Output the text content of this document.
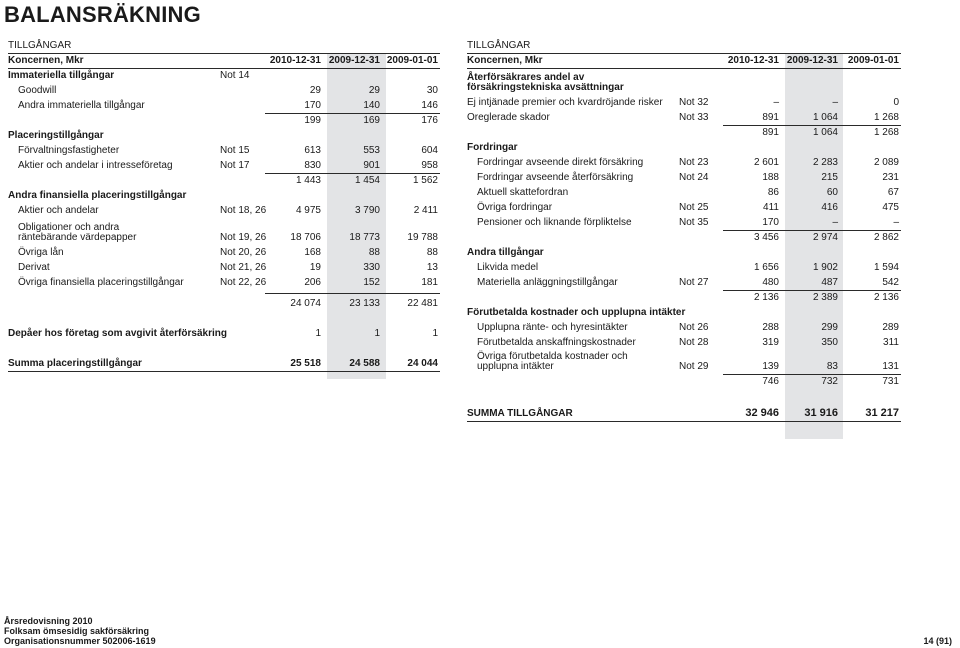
BALANSRÄKNING
TILLGÅNGAR
Koncernen, Mkr	2010-12-31 2009-12-31 2009-01-01
Immateriella tillgångar	Not 14
Goodwill	29	29	30
Andra immateriella tillgångar	170	140	146
199	169	176
Placeringstillgångar
Förvaltningsfastigheter	Not 15	613	553	604
Aktier och andelar i intresseföretag	Not 17	830	901	958
1 443	1 454	1 562
Andra finansiella placeringstillgångar
Aktier och andelar	Not 18, 26	4 975	3 790	2 411
Obligationer och andra räntebärande värdepapper	Not 19, 26	18 706	18 773	19 788
Övriga lån	Not 20, 26	168	88	88
Derivat	Not 21, 26	19	330	13
Övriga finansiella placeringstillgångar	Not 22, 26	206	152	181
24 074	23 133	22 481
Depåer hos företag som avgivit återförsäkring	1	1	1
Summa placeringstillgångar	25 518	24 588	24 044
TILLGÅNGAR
Koncernen, Mkr	2010-12-31 2009-12-31 2009-01-01
Återförsäkrares andel av försäkringstekniska avsättningar
Ej intjänade premier och kvardröjande risker Not 32	–	–	0
Oreglerade skador	Not 33	891	1 064	1 268
891	1 064	1 268
Fordringar
Fordringar avseende direkt försäkring	Not 23	2 601	2 283	2 089
Fordringar avseende återförsäkring	Not 24	188	215	231
Aktuell skattefordran	86	60	67
Övriga fordringar	Not 25	411	416	475
Pensioner och liknande förpliktelse	Not 35	170	–	–
3 456	2 974	2 862
Andra tillgångar
Likvida medel	1 656	1 902	1 594
Materiella anläggningstillgångar	Not 27	480	487	542
2 136	2 389	2 136
Förutbetalda kostnader och upplupna intäkter
Upplupna ränte- och hyresintäkter	Not 26	288	299	289
Förutbetalda anskaffningskostnader	Not 28	319	350	311
Övriga förutbetalda kostnader och upplupna intäkter	Not 29	139	83	131
746	732	731
SUMMA TILLGÅNGAR	32 946	31 916	31 217
Årsredovisning 2010
Folksam ömsesidig sakförsäkring
Organisationsnummer 502006-1619	14 (91)
